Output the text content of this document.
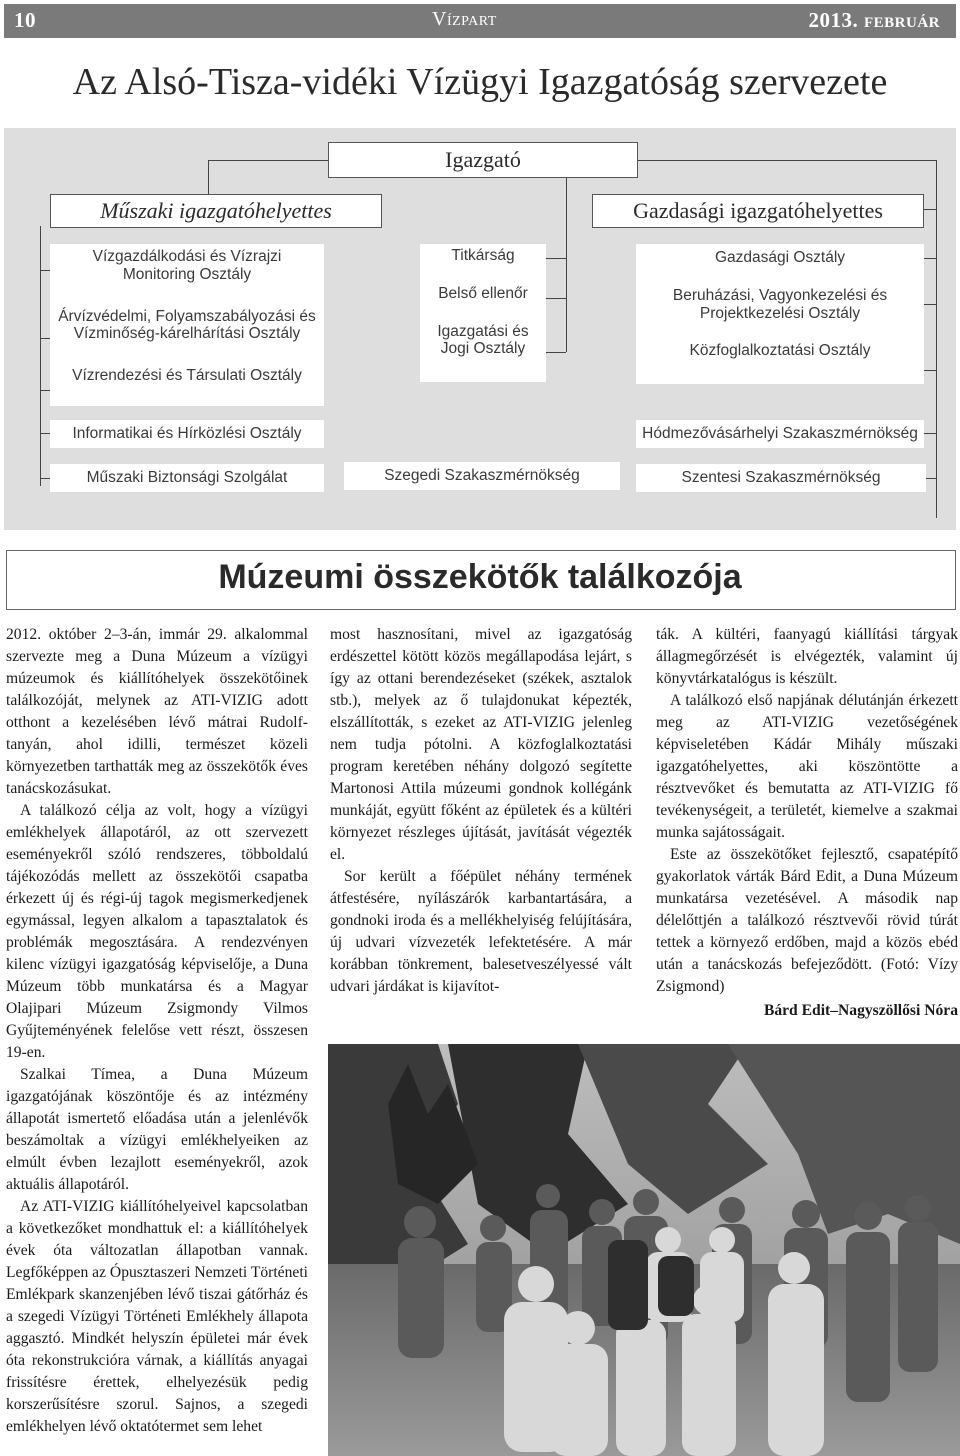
10	Vízpart	2013. február
Az Alsó-Tisza-vidéki Vízügyi Igazgatóság szervezete
Igazgató
Műszaki igazgatóhelyettes	Gazdasági igazgatóhelyettes
Vízgazdálkodási és Vízrajzi Monitoring Osztály
Árvízvédelmi, Folyamszabályozási és Vízminőség-kárelhárítási Osztály
Vízrendezési és Társulati Osztály
Titkárság
Belső ellenőr
Igazgatási és Jogi Osztály
Gazdasági Osztály
Beruházási, Vagyonkezelési és Projektkezelési Osztály
Közfoglalkoztatási Osztály
Informatikai és Hírközlési Osztály	Hódmezővásárhelyi Szakaszmérnökség
Műszaki Biztonsági Szolgálat	Szegedi Szakaszmérnökség	Szentesi Szakaszmérnökség
Múzeumi összekötők találkozója

2012. október 2–3-án, immár 29. alkalommal szervezte meg a Duna Múzeum a vízügyi múzeumok és kiállítóhelyek összekötőinek találkozóját, melynek az ATI-VIZIG adott otthont a kezelésében lévő mátrai Rudolf-tanyán, ahol idilli, természet közeli környezetben tarthatták meg az összekötők éves tanácskozásukat.

A találkozó célja az volt, hogy a vízügyi emlékhelyek állapotáról, az ott szervezett eseményekről szóló rendszeres, többoldalú tájékozódás mellett az összekötői csapatba érkezett új és régi-új tagok megismerkedjenek egymással, legyen alkalom a tapasztalatok és problémák megosztására. A rendezvényen kilenc vízügyi igazgatóság képviselője, a Duna Múzeum több munkatársa és a Magyar Olajipari Múzeum Zsigmondy Vilmos Gyűjteményének felelőse vett részt, összesen 19-en.

Szalkai Tímea, a Duna Múzeum igazgatójának köszöntője és az intézmény állapotát ismertető előadása után a jelenlévők beszámoltak a vízügyi emlékhelyeiken az elmúlt évben lezajlott eseményekről, azok aktuális állapotáról.

Az ATI-VIZIG kiállítóhelyeivel kapcsolatban a következőket mondhattuk el: a kiállítóhelyek évek óta változatlan állapotban vannak. Legfőképpen az Ópusztaszeri Nemzeti Történeti Emlékpark skanzenjében lévő tiszai gátőrház és a szegedi Vízügyi Történeti Emlékhely állapota aggasztó. Mindkét helyszín épületei már évek óta rekonstrukcióra várnak, a kiállítás anyagai frissítésre érettek, elhelyezésük pedig korszerűsítésre szorul. Sajnos, a szegedi emlékhelyen lévő oktatótermet sem lehet

most hasznosítani, mivel az igazgatóság erdészettel kötött közös megállapodása lejárt, s így az ottani berendezéseket (székek, asztalok stb.), melyek az ő tulajdonukat képezték, elszállították, s ezeket az ATI-VIZIG jelenleg nem tudja pótolni. A közfoglalkoztatási program keretében néhány dolgozó segítette Martonosi Attila múzeumi gondnok kollégánk munkáját, együtt főként az épületek és a kültéri környezet részleges újítását, javítását végezték el.

Sor került a főépület néhány termének átfestésére, nyílászárók karbantartására, a gondnoki iroda és a mellékhelyiség felújítására, új udvari vízvezeték lefektetésére. A már korábban tönkrement, balesetveszélyessé vált udvari járdákat is kijavítot-

ták. A kültéri, faanyagú kiállítási tárgyak állagmegőrzését is elvégezték, valamint új könyvtárkatalógus is készült.

A találkozó első napjának délutánján érkezett meg az ATI-VIZIG vezetőségének képviseletében Kádár Mihály műszaki igazgatóhelyettes, aki köszöntötte a résztvevőket és bemutatta az ATI-VIZIG fő tevékenységeit, a területét, kiemelve a szakmai munka sajátosságait.

Este az összekötőket fejlesztő, csapatépítő gyakorlatok várták Bárd Edit, a Duna Múzeum munkatársa vezetésével. A második nap délelőttjén a találkozó résztvevői rövid túrát tettek a környező erdőben, majd a közös ebéd után a tanácskozás befejeződött. (Fotó: Vízy Zsigmond)

Bárd Edit–Nagyszöllősi Nóra
